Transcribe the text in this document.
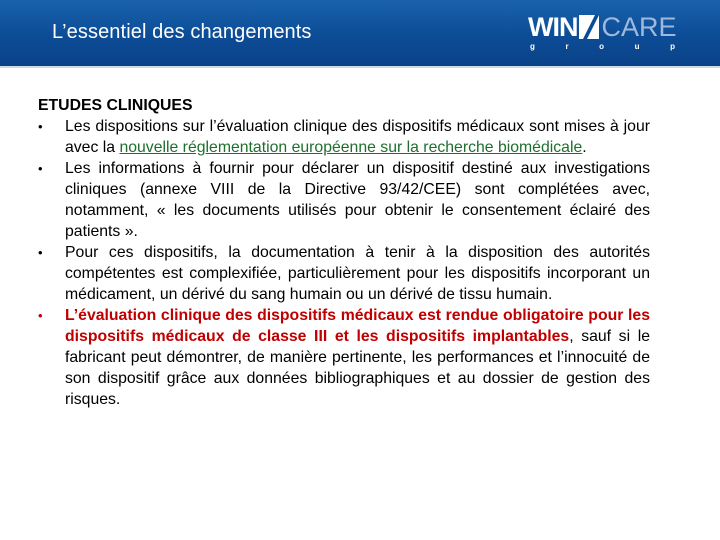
L’essentiel des changements	WIN CARE
g	r	o	u	p

ETUDES CLINIQUES

• Les dispositions sur l’évaluation clinique des dispositifs médicaux sont mises à jour avec la nouvelle réglementation européenne sur la recherche biomédicale.
• Les informations à fournir pour déclarer un dispositif destiné aux investigations cliniques (annexe VIII de la Directive 93/42/CEE) sont complétées avec, notamment, « les documents utilisés pour obtenir le consentement éclairé des patients ».
• Pour ces dispositifs, la documentation à tenir à la disposition des autorités compétentes est complexifiée, particulièrement pour les dispositifs incorporant un médicament, un dérivé du sang humain ou un dérivé de tissu humain.
• L’évaluation clinique des dispositifs médicaux est rendue obligatoire pour les dispositifs médicaux de classe III et les dispositifs implantables, sauf si le fabricant peut démontrer, de manière pertinente, les performances et l’innocuité de son dispositif grâce aux données bibliographiques et au dossier de gestion des risques.
